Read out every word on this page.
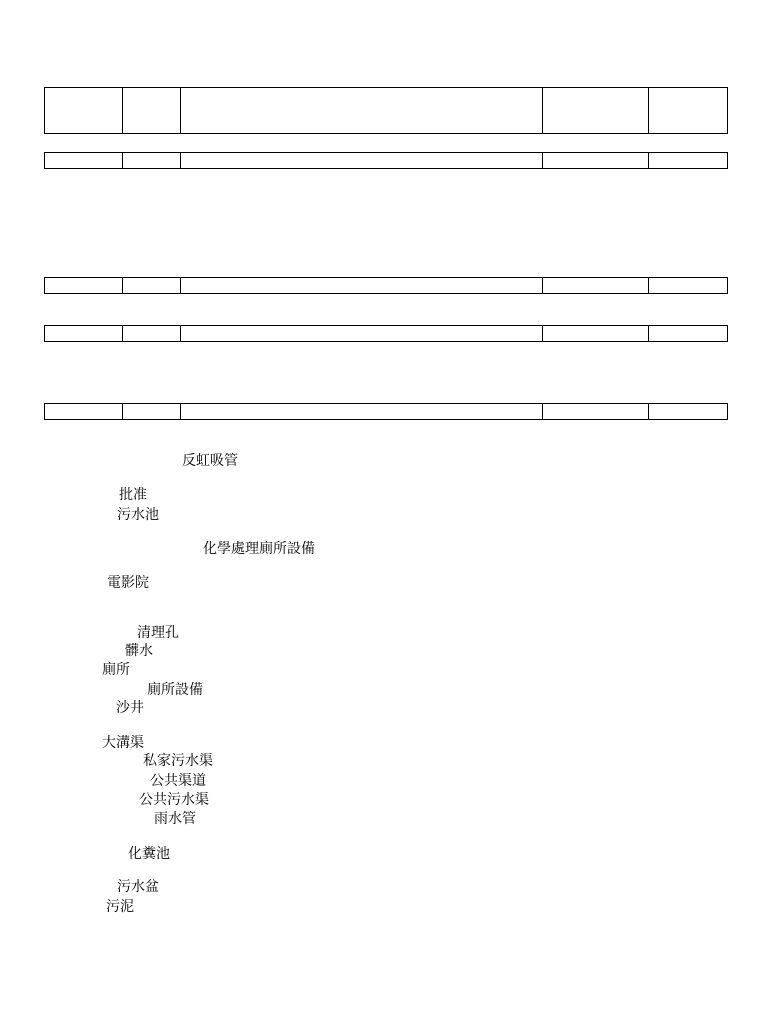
反虹吸管
批准
污水池
化學處理廁所設備
電影院
清理孔
髒水
廁所
廁所設備
沙井
大溝渠
私家污水渠
公共渠道
公共污水渠
雨水管
化糞池
污水盆
污泥
